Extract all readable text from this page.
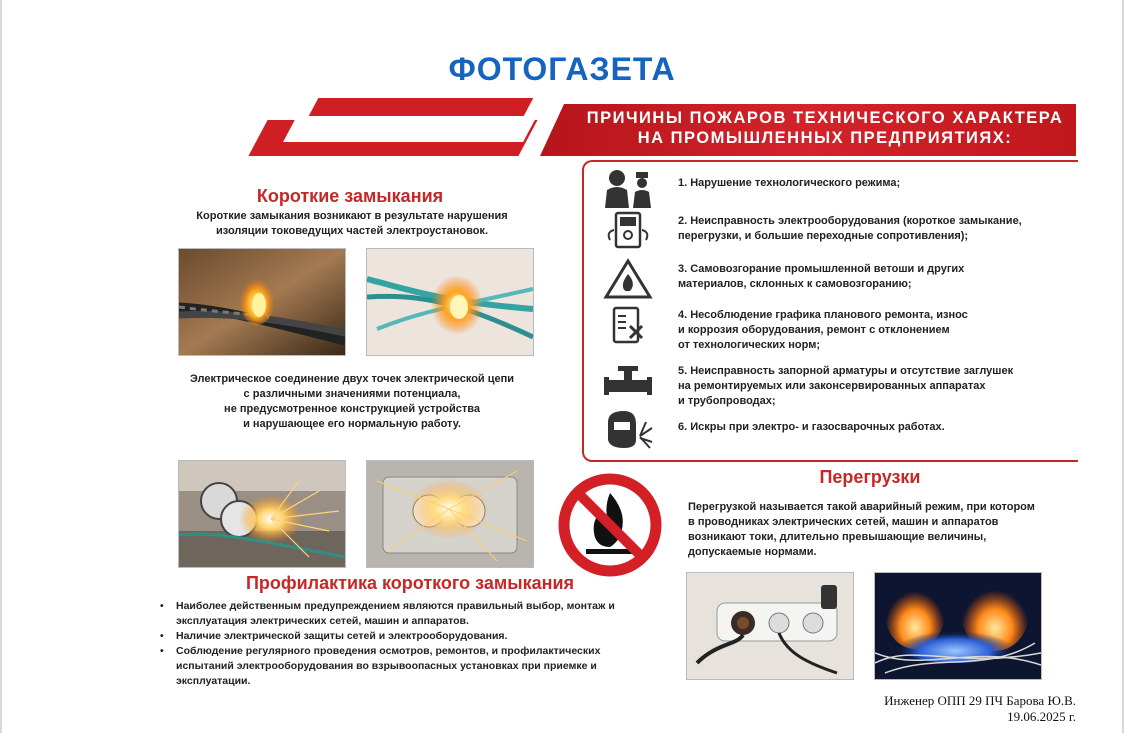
ФОТОГАЗЕТА
ПРИЧИНЫ ПОЖАРОВ ТЕХНИЧЕСКОГО ХАРАКТЕРА
НА ПРОМЫШЛЕННЫХ ПРЕДПРИЯТИЯХ:
Короткие замыкания
Короткие замыкания возникают в результате нарушения
изоляции токоведущих частей электроустановок.
Электрическое соединение двух точек электрической цепи
с различными значениями потенциала,
не предусмотренное конструкцией устройства
и нарушающее его нормальную работу.
1. Нарушение технологического режима;
2. Неисправность электрооборудования (короткое замыкание,
перегрузки, и большие переходные сопротивления);
3. Самовозгорание промышленной ветоши и других
материалов, склонных к самовозгоранию;
4. Несоблюдение графика планового ремонта, износ
и коррозия оборудования, ремонт с отклонением
от технологических норм;
5. Неисправность запорной арматуры и отсутствие заглушек
на ремонтируемых или законсервированных аппаратах
и трубопроводах;
6. Искры при электро- и газосварочных работах.
Перегрузки
Перегрузкой называется такой аварийный режим, при котором
в проводниках электрических сетей, машин и аппаратов
возникают токи, длительно превышающие величины,
допускаемые нормами.
Профилактика короткого замыкания
• Наиболее действенным предупреждением являются правильный выбор, монтаж и эксплуатация электрических сетей, машин и аппаратов.
• Наличие электрической защиты сетей и электрооборудования.
• Соблюдение регулярного проведения осмотров, ремонтов, и профилактических испытаний электрооборудования во взрывоопасных установках при приемке и эксплуатации.
Инженер ОПП 29 ПЧ Барова Ю.В.
19.06.2025 г.
